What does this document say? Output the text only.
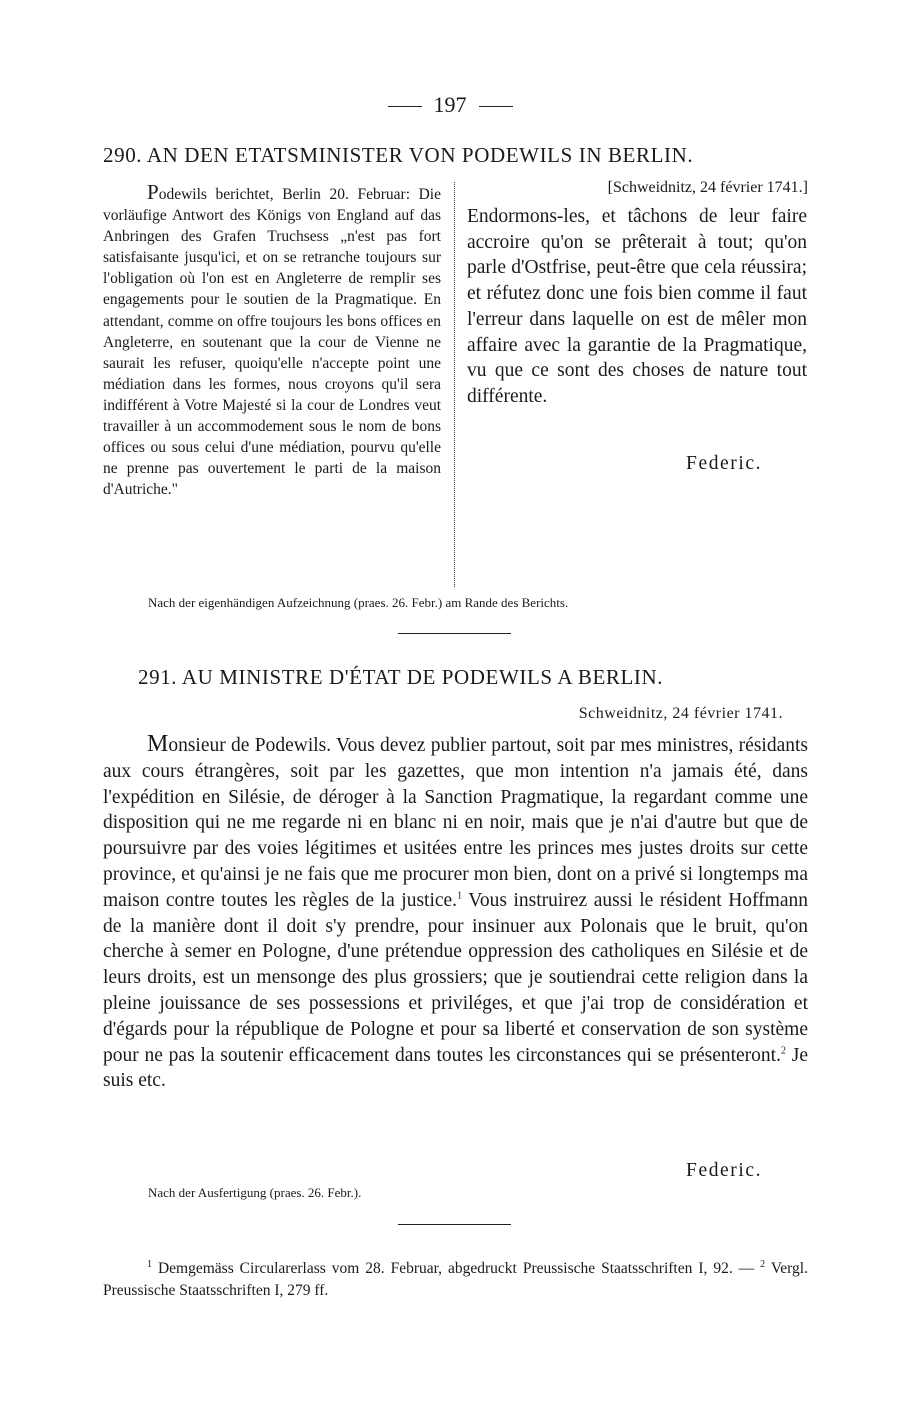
197
290. AN DEN ETATSMINISTER VON PODEWILS IN BERLIN.
Podewils berichtet, Berlin 20. Februar: Die vorläufige Antwort des Königs von England auf das Anbringen des Grafen Truchsess „n'est pas fort satisfaisante jusqu'ici, et on se retranche toujours sur l'obligation où l'on est en Angleterre de remplir ses engagements pour le soutien de la Pragmatique. En attendant, comme on offre toujours les bons offices en Angleterre, en soutenant que la cour de Vienne ne saurait les refuser, quoiqu'elle n'accepte point une médiation dans les formes, nous croyons qu'il sera indifférent à Votre Majesté si la cour de Londres veut travailler à un accommodement sous le nom de bons offices ou sous celui d'une médiation, pourvu qu'elle ne prenne pas ouvertement le parti de la maison d'Autriche."
[Schweidnitz, 24 février 1741.]
Endormons-les, et tâchons de leur faire accroire qu'on se prêterait à tout; qu'on parle d'Ostfrise, peut-être que cela réussira; et réfutez donc une fois bien comme il faut l'erreur dans laquelle on est de mêler mon affaire avec la garantie de la Pragmatique, vu que ce sont des choses de nature tout différente.
Federic.
Nach der eigenhändigen Aufzeichnung (praes. 26. Febr.) am Rande des Berichts.
291. AU MINISTRE D'ÉTAT DE PODEWILS A BERLIN.
Schweidnitz, 24 février 1741.
Monsieur de Podewils. Vous devez publier partout, soit par mes ministres, résidants aux cours étrangères, soit par les gazettes, que mon intention n'a jamais été, dans l'expédition en Silésie, de déroger à la Sanction Pragmatique, la regardant comme une disposition qui ne me regarde ni en blanc ni en noir, mais que je n'ai d'autre but que de poursuivre par des voies légitimes et usitées entre les princes mes justes droits sur cette province, et qu'ainsi je ne fais que me procurer mon bien, dont on a privé si longtemps ma maison contre toutes les règles de la justice.$^1$ Vous instruirez aussi le résident Hoffmann de la manière dont il doit s'y prendre, pour insinuer aux Polonais que le bruit, qu'on cherche à semer en Pologne, d'une prétendue oppression des catholiques en Silésie et de leurs droits, est un mensonge des plus grossiers; que je soutiendrai cette religion dans la pleine jouissance de ses possessions et priviléges, et que j'ai trop de considération et d'égards pour la république de Pologne et pour sa liberté et conservation de son système pour ne pas la soutenir efficacement dans toutes les circonstances qui se présenteront.$^2$ Je suis etc.
Federic.
Nach der Ausfertigung (praes. 26. Febr.).
$^1$ Demgemäss Circularerlass vom 28. Februar, abgedruckt Preussische Staatsschriften I, 92. — $^2$ Vergl. Preussische Staatsschriften I, 279 ff.
